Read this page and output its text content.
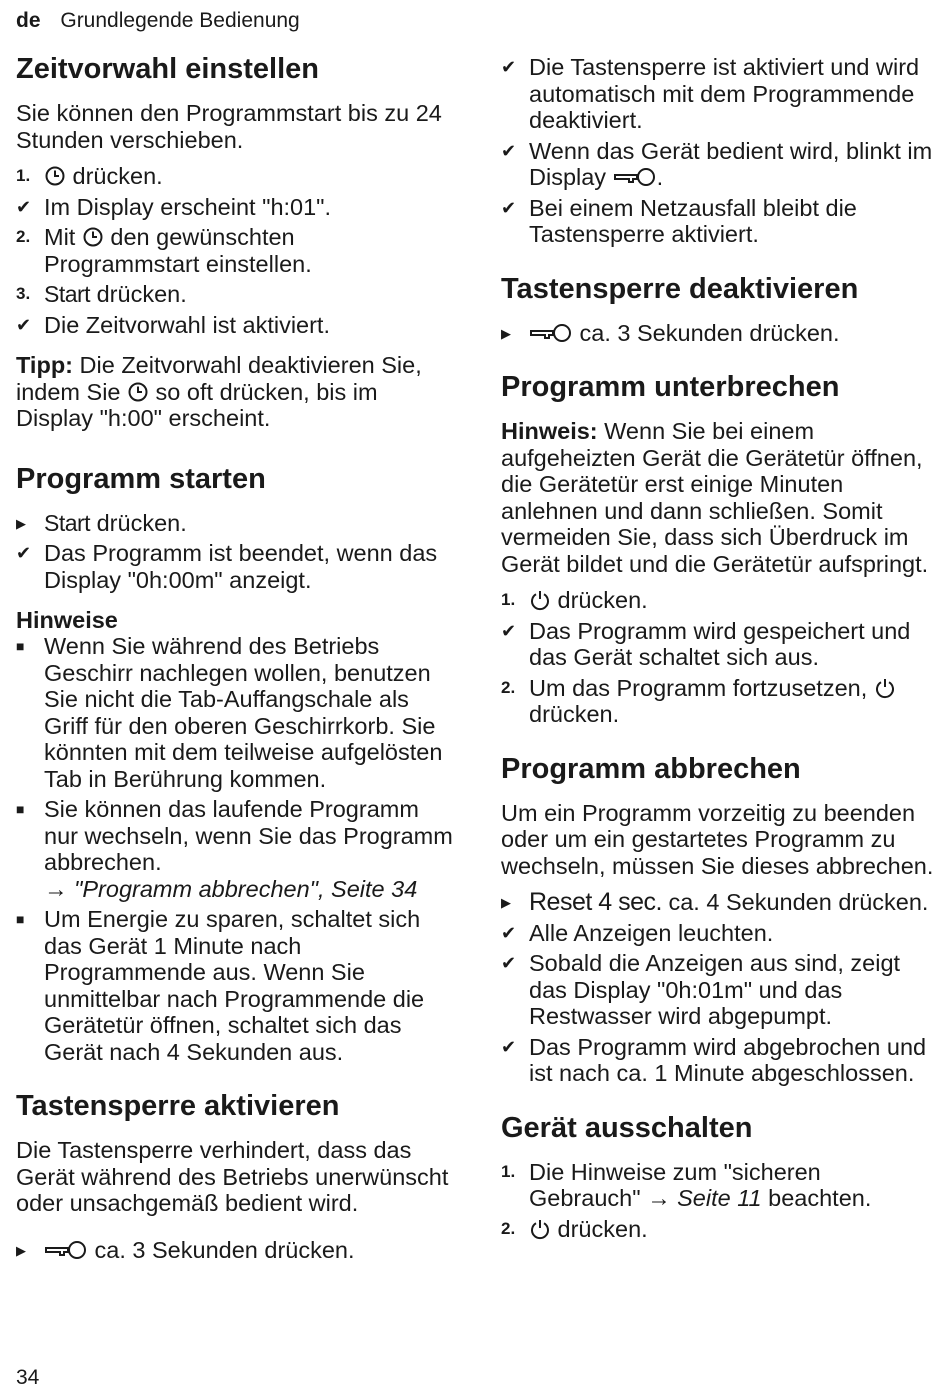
de Grundlegende Bedienung
Zeitvorwahl einstellen

Sie können den Programmstart bis zu 24 Stunden verschieben.

1.	drücken.
✔ Im Display erscheint "h:01".
2. Mit  den gewünschten Programmstart einstellen.
3. Start drücken.
✔ Die Zeitvorwahl ist aktiviert.

Tipp: Die Zeitvorwahl deaktivieren Sie, indem Sie  so oft drücken, bis im Display "h:00" erscheint.

Programm starten
▶ Start drücken.
✔ Das Programm ist beendet, wenn das Display "0h:00m" anzeigt.
Hinweise
■ Wenn Sie während des Betriebs Geschirr nachlegen wollen, benutzen Sie nicht die Tab-Auffangschale als Griff für den oberen Geschirrkorb. Sie könnten mit dem teilweise aufgelösten Tab in Berührung kommen.
■ Sie können das laufende Programm nur wechseln, wenn Sie das Programm abbrechen.
→ "Programm abbrechen", Seite 34
■ Um Energie zu sparen, schaltet sich das Gerät 1 Minute nach Programmende aus. Wenn Sie unmittelbar nach Programmende die Gerätetür öffnen, schaltet sich das Gerät nach 4 Sekunden aus.
Tastensperre aktivieren

Die Tastensperre verhindert, dass das Gerät während des Betriebs unerwünscht oder unsachgemäß bedient wird.

▶	ca. 3 Sekunden drücken.
✔ Die Tastensperre ist aktiviert und wird automatisch mit dem Programmende deaktiviert.
✔ Wenn das Gerät bedient wird, blinkt im Display .
✔ Bei einem Netzausfall bleibt die Tastensperre aktiviert.
Tastensperre deaktivieren
▶	ca. 3 Sekunden drücken.
Programm unterbrechen

Hinweis: Wenn Sie bei einem aufgeheizten Gerät die Gerätetür öffnen, die Gerätetür erst einige Minuten anlehnen und dann schließen. Somit vermeiden Sie, dass sich Überdruck im Gerät bildet und die Gerätetür aufspringt.

1.	drücken.
✔ Das Programm wird gespeichert und das Gerät schaltet sich aus.
2. Um das Programm fortzusetzen,  drücken.
Programm abbrechen

Um ein Programm vorzeitig zu beenden oder um ein gestartetes Programm zu wechseln, müssen Sie dieses abbrechen.

▶ Reset 4 sec. ca. 4 Sekunden drücken.
✔ Alle Anzeigen leuchten.
✔ Sobald die Anzeigen aus sind, zeigt das Display "0h:01m" und das Restwasser wird abgepumpt.
✔ Das Programm wird abgebrochen und ist nach ca. 1 Minute abgeschlossen.
Gerät ausschalten
1. Die Hinweise zum "sicheren Gebrauch" → Seite 11 beachten.
2.	drücken.
34
